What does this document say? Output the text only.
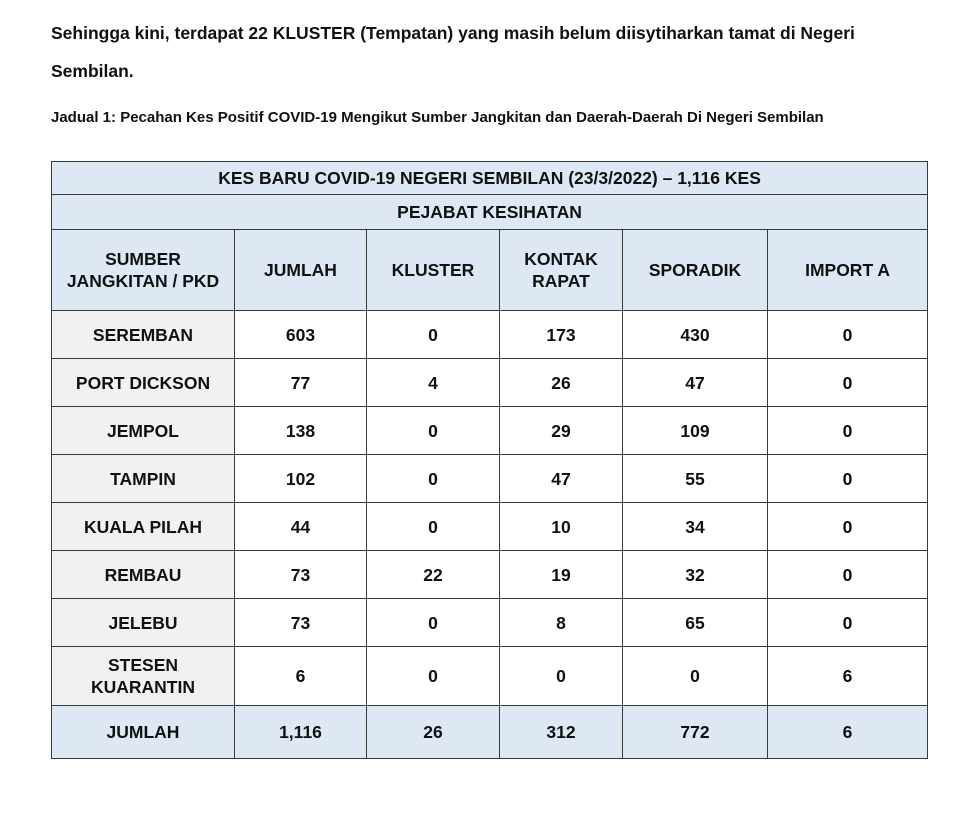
Sehingga kini, terdapat 22 KLUSTER (Tempatan) yang masih belum diisytiharkan tamat di Negeri Sembilan.

Jadual 1: Pecahan Kes Positif COVID-19 Mengikut Sumber Jangkitan dan Daerah-Daerah Di Negeri Sembilan

KES BARU COVID-19 NEGERI SEMBILAN (23/3/2022) – 1,116 KES					
PEJABAT KESIHATAN					
SUMBER JANGKITAN / PKD	JUMLAH	KLUSTER	KONTAK RAPAT	SPORADIK	IMPORT A
SEREMBAN	603	0	173	430	0
PORT DICKSON	77	4	26	47	0
JEMPOL	138	0	29	109	0
TAMPIN	102	0	47	55	0
KUALA PILAH	44	0	10	34	0
REMBAU	73	22	19	32	0
JELEBU	73	0	8	65	0
STESEN KUARANTIN	6	0	0	0	6
JUMLAH	1,116	26	312	772	6
